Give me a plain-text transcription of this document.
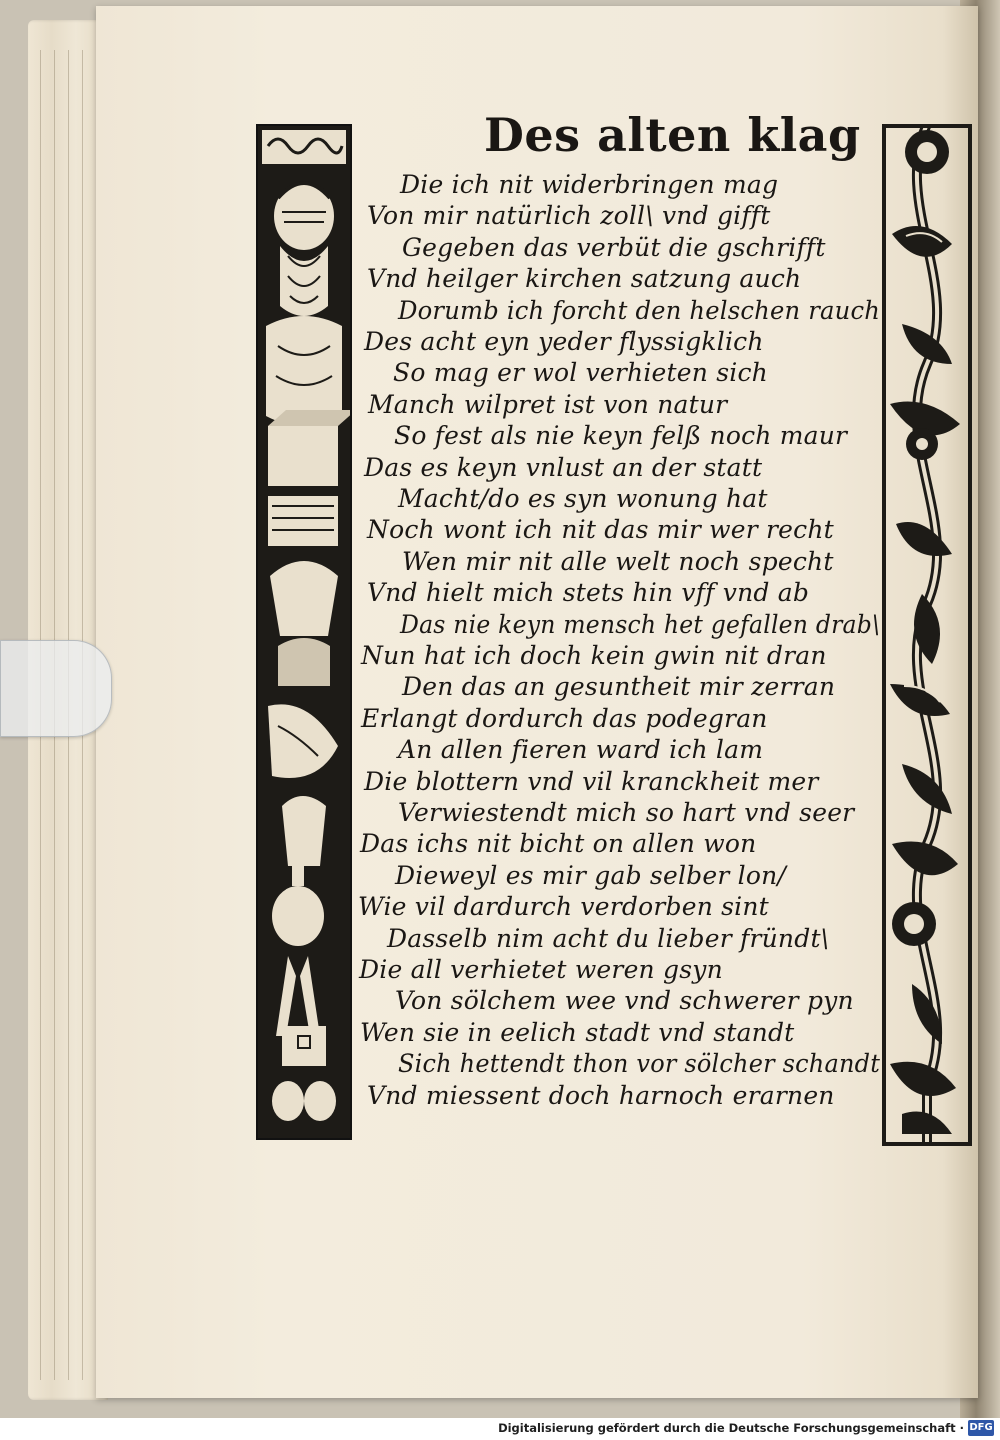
Des alten klag
Die ich nit widerbringen mag
Von mir natürlich zoll\ vnd gifft
Gegeben das verbüt die gschrifft
Vnd heilger kirchen satzung auch
Dorumb ich forcht den helschen rauch
Des acht eyn yeder flyssigklich
So mag er wol verhieten sich
Manch wilpret ist von natur
So fest als nie keyn felß noch maur
Das es keyn vnlust an der statt
Macht/do es syn wonung hat
Noch wont ich nit das mir wer recht
Wen mir nit alle welt noch specht
Vnd hielt mich stets hin vff vnd ab
Das nie keyn mensch het gefallen drab\
Nun hat ich doch kein gwin nit dran
Den das an gesuntheit mir zerran
Erlangt dordurch das podegran
An allen fieren ward ich lam
Die blottern vnd vil kranckheit mer
Verwiestendt mich so hart vnd seer
Das ichs nit bicht on allen won
Dieweyl es mir gab selber lon/
Wie vil dardurch verdorben sint
Dasselb nim acht du lieber fründt\
Die all verhietet weren gsyn
Von sölchem wee vnd schwerer pyn
Wen sie in eelich stadt vnd standt
Sich hettendt thon vor sölcher schandt
Vnd miessent doch harnoch erarnen
Digitalisierung gefördert durch die Deutsche Forschungsgemeinschaft · DFG
